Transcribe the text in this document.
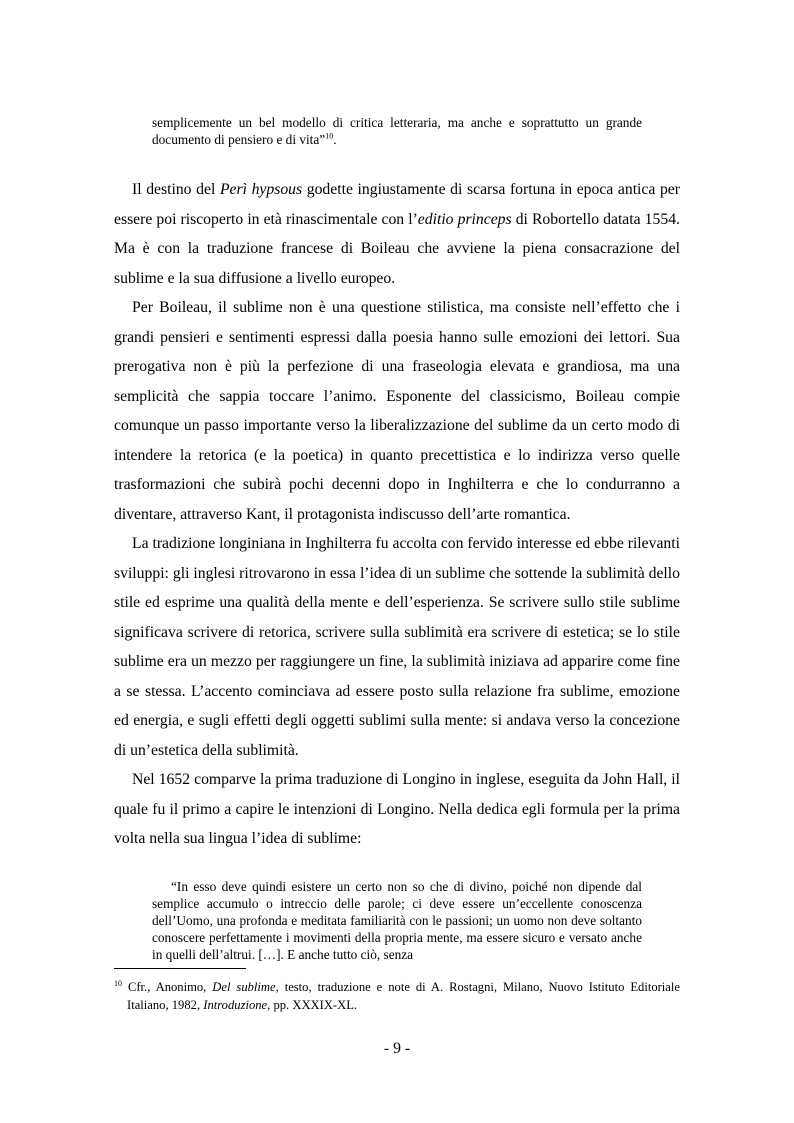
semplicemente un bel modello di critica letteraria, ma anche e soprattutto un grande documento di pensiero e di vita”$^{10}$.

Il destino del Perì hypsous godette ingiustamente di scarsa fortuna in epoca antica per essere poi riscoperto in età rinascimentale con l’editio princeps di Robortello datata 1554. Ma è con la traduzione francese di Boileau che avviene la piena consacrazione del sublime e la sua diffusione a livello europeo.

Per Boileau, il sublime non è una questione stilistica, ma consiste nell’effetto che i grandi pensieri e sentimenti espressi dalla poesia hanno sulle emozioni dei lettori. Sua prerogativa non è più la perfezione di una fraseologia elevata e grandiosa, ma una semplicità che sappia toccare l’animo. Esponente del classicismo, Boileau compie comunque un passo importante verso la liberalizzazione del sublime da un certo modo di intendere la retorica (e la poetica) in quanto precettistica e lo indirizza verso quelle trasformazioni che subirà pochi decenni dopo in Inghilterra e che lo condurranno a diventare, attraverso Kant, il protagonista indiscusso dell’arte romantica.

La tradizione longiniana in Inghilterra fu accolta con fervido interesse ed ebbe rilevanti sviluppi: gli inglesi ritrovarono in essa l’idea di un sublime che sottende la sublimità dello stile ed esprime una qualità della mente e dell’esperienza. Se scrivere sullo stile sublime significava scrivere di retorica, scrivere sulla sublimità era scrivere di estetica; se lo stile sublime era un mezzo per raggiungere un fine, la sublimità iniziava ad apparire come fine a se stessa. L’accento cominciava ad essere posto sulla relazione fra sublime, emozione ed energia, e sugli effetti degli oggetti sublimi sulla mente: si andava verso la concezione di un’estetica della sublimità.

Nel 1652 comparve la prima traduzione di Longino in inglese, eseguita da John Hall, il quale fu il primo a capire le intenzioni di Longino. Nella dedica egli formula per la prima volta nella sua lingua l’idea di sublime:

“In esso deve quindi esistere un certo non so che di divino, poiché non dipende dal semplice accumulo o intreccio delle parole; ci deve essere un’eccellente conoscenza dell’Uomo, una profonda e meditata familiarità con le passioni; un uomo non deve soltanto conoscere perfettamente i movimenti della propria mente, ma essere sicuro e versato anche in quelli dell’altrui. […]. E anche tutto ciò, senza

$^{10}$ Cfr., Anonimo, Del sublime, testo, traduzione e note di A. Rostagni, Milano, Nuovo Istituto Editoriale Italiano, 1982, Introduzione, pp. XXXIX-XL.
- 9 -
